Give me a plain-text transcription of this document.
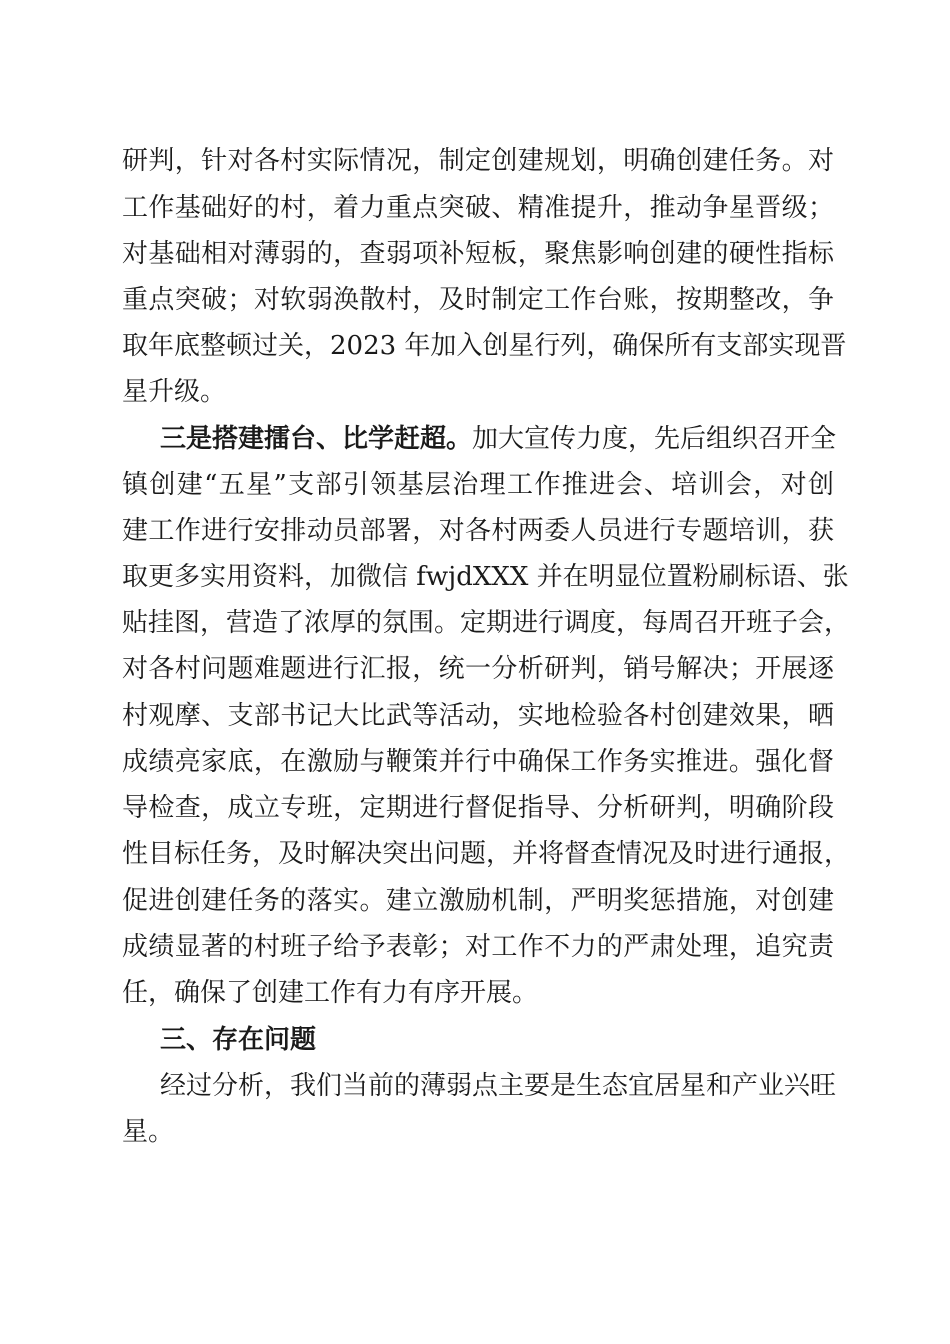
研判，针对各村实际情况，制定创建规划，明确创建任务。对
工作基础好的村，着力重点突破、精准提升，推动争星晋级；
对基础相对薄弱的，查弱项补短板，聚焦影响创建的硬性指标
重点突破；对软弱涣散村，及时制定工作台账，按期整改，争
取年底整顿过关，2023 年加入创星行列，确保所有支部实现晋
星升级。
三是搭建擂台、比学赶超。加大宣传力度，先后组织召开全
镇创建“五星”支部引领基层治理工作推进会、培训会，对创
建工作进行安排动员部署，对各村两委人员进行专题培训，获
取更多实用资料，加微信 fwjdXXX 并在明显位置粉刷标语、张
贴挂图，营造了浓厚的氛围。定期进行调度，每周召开班子会，
对各村问题难题进行汇报，统一分析研判，销号解决；开展逐
村观摩、支部书记大比武等活动，实地检验各村创建效果，晒
成绩亮家底，在激励与鞭策并行中确保工作务实推进。强化督
导检查，成立专班，定期进行督促指导、分析研判，明确阶段
性目标任务，及时解决突出问题，并将督查情况及时进行通报，
促进创建任务的落实。建立激励机制，严明奖惩措施，对创建
成绩显著的村班子给予表彰；对工作不力的严肃处理，追究责
任，确保了创建工作有力有序开展。
三、存在问题
经过分析，我们当前的薄弱点主要是生态宜居星和产业兴旺
星。
